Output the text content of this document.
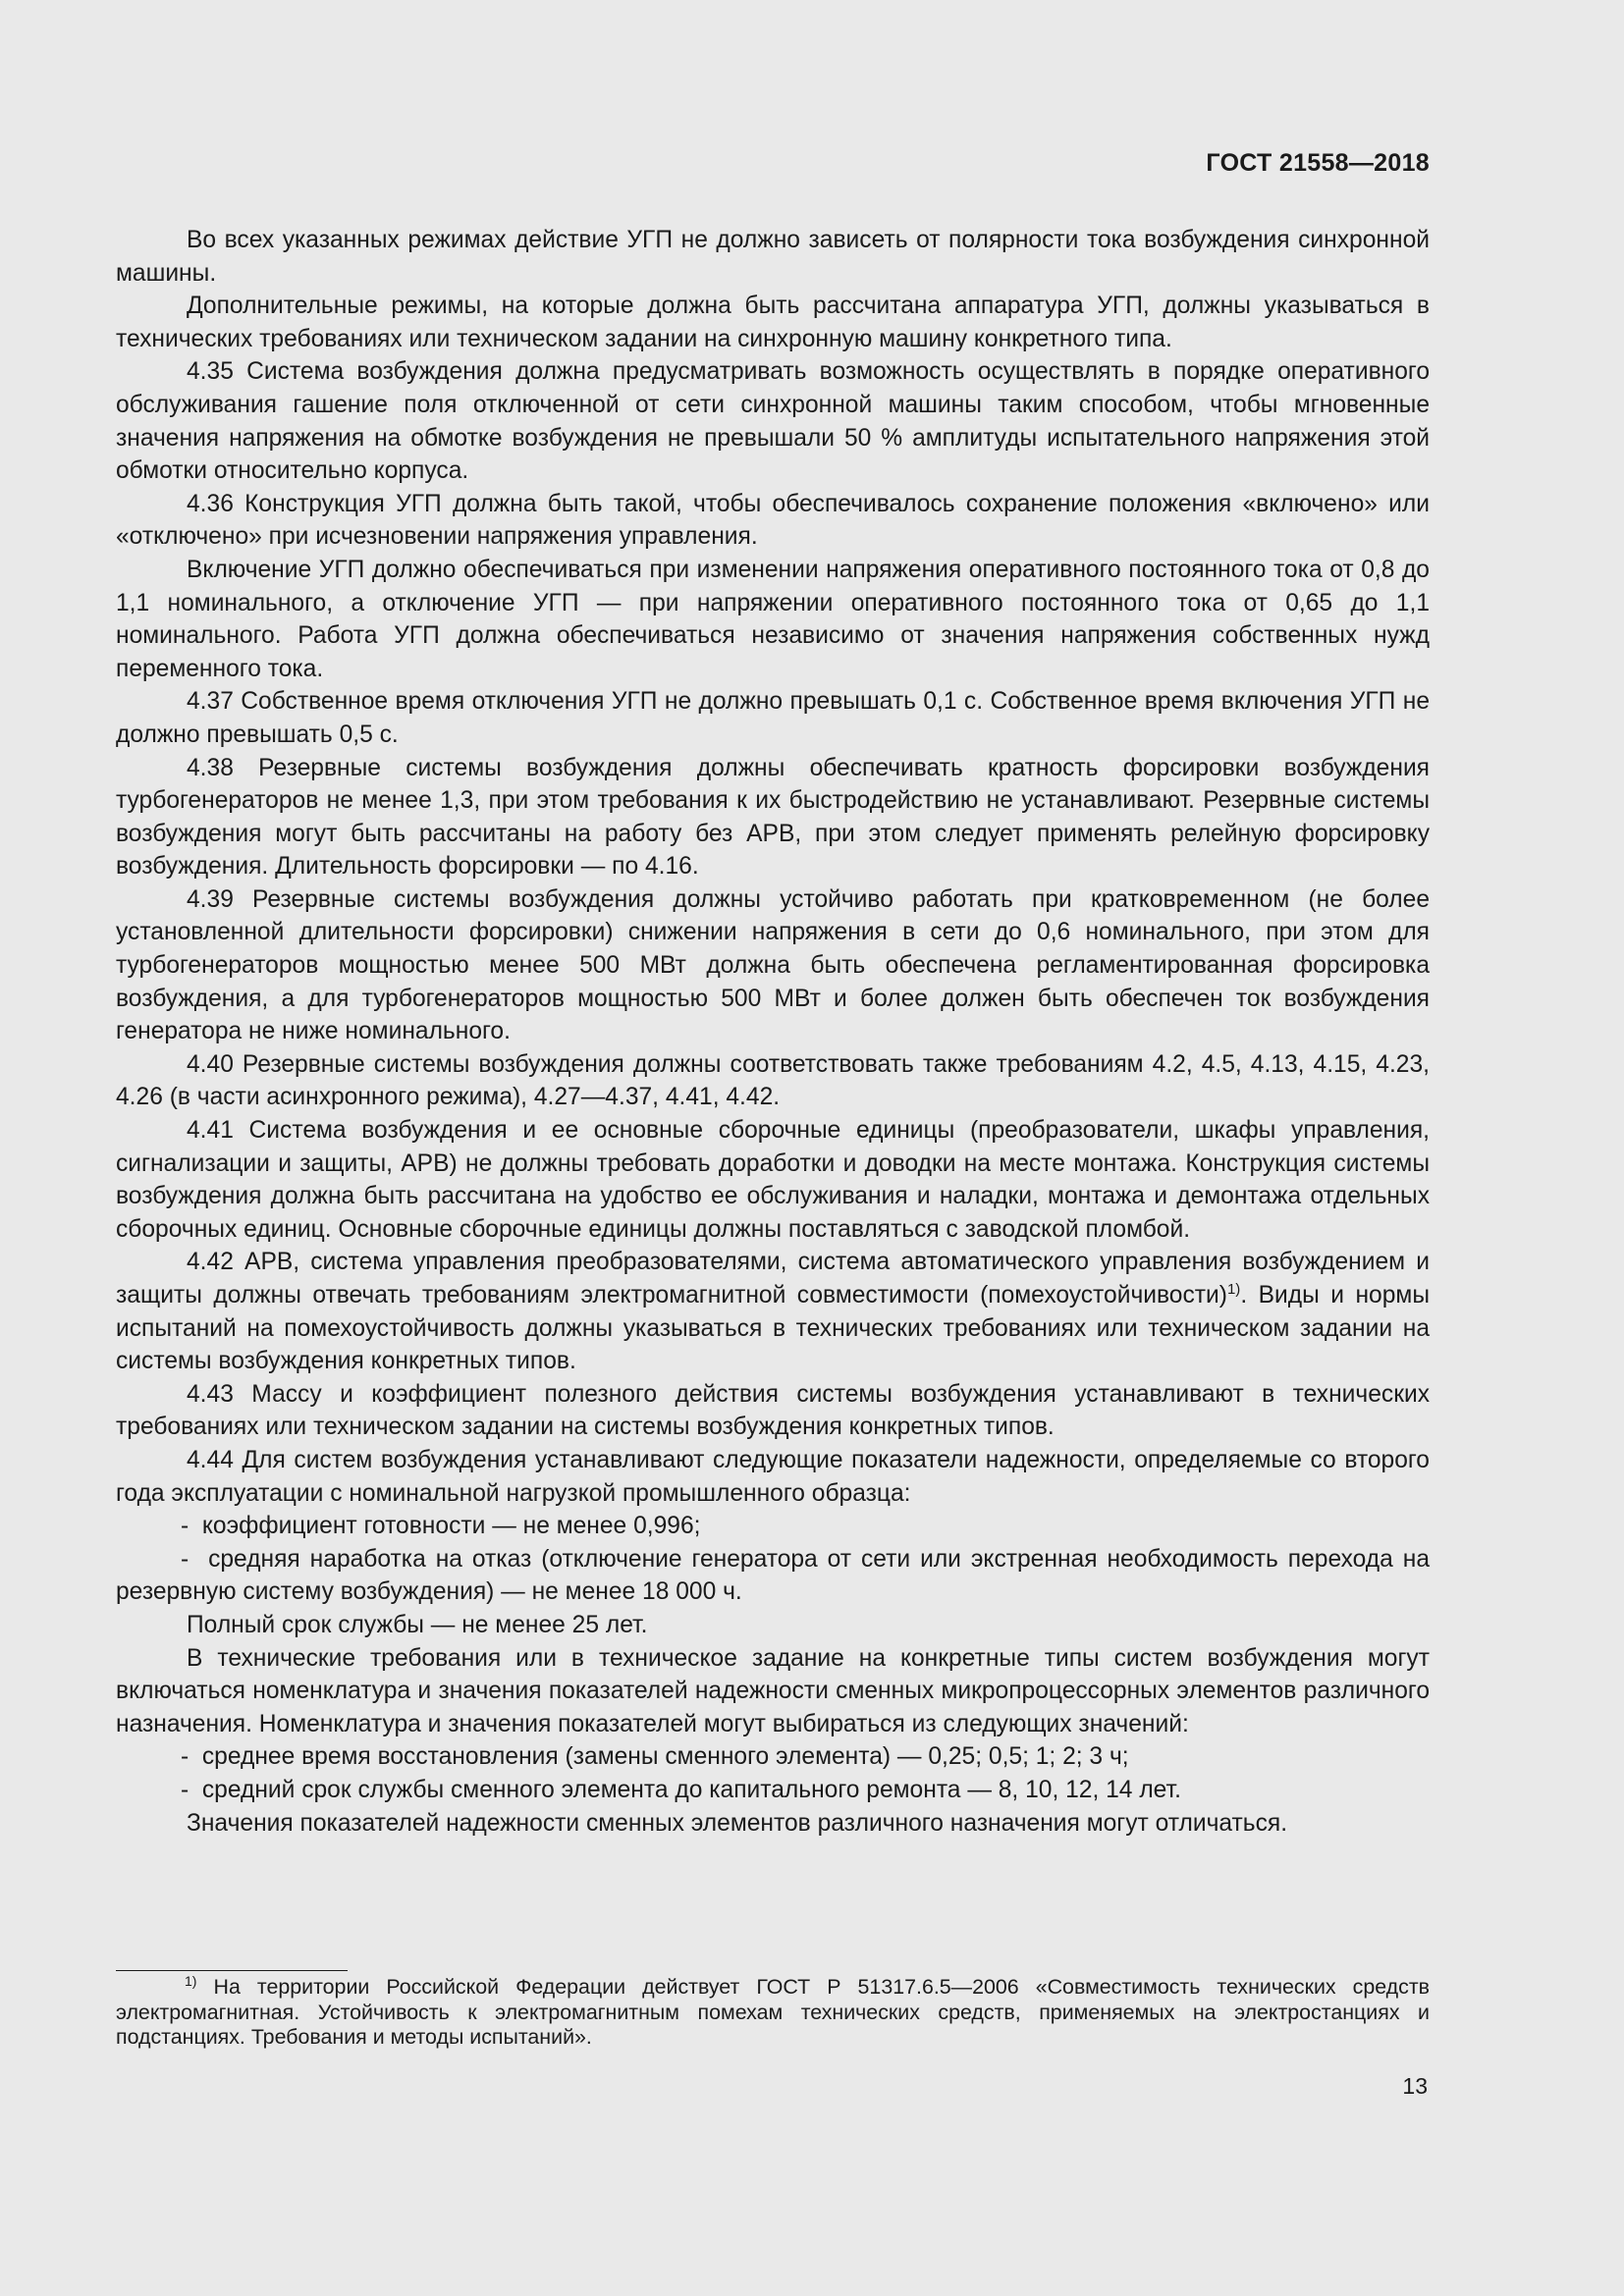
ГОСТ 21558—2018

Во всех указанных режимах действие УГП не должно зависеть от полярности тока возбуждения синхронной машины.

Дополнительные режимы, на которые должна быть рассчитана аппаратура УГП, должны указываться в технических требованиях или техническом задании на синхронную машину конкретного типа.

4.35 Система возбуждения должна предусматривать возможность осуществлять в порядке оперативного обслуживания гашение поля отключенной от сети синхронной машины таким способом, чтобы мгновенные значения напряжения на обмотке возбуждения не превышали 50 % амплитуды испытательного напряжения этой обмотки относительно корпуса.

4.36 Конструкция УГП должна быть такой, чтобы обеспечивалось сохранение положения «включено» или «отключено» при исчезновении напряжения управления.

Включение УГП должно обеспечиваться при изменении напряжения оперативного постоянного тока от 0,8 до 1,1 номинального, а отключение УГП — при напряжении оперативного постоянного тока от 0,65 до 1,1 номинального. Работа УГП должна обеспечиваться независимо от значения напряжения собственных нужд переменного тока.

4.37 Собственное время отключения УГП не должно превышать 0,1 с. Собственное время включения УГП не должно превышать 0,5 с.

4.38 Резервные системы возбуждения должны обеспечивать кратность форсировки возбуждения турбогенераторов не менее 1,3, при этом требования к их быстродействию не устанавливают. Резервные системы возбуждения могут быть рассчитаны на работу без АРВ, при этом следует применять релейную форсировку возбуждения. Длительность форсировки — по 4.16.

4.39 Резервные системы возбуждения должны устойчиво работать при кратковременном (не более установленной длительности форсировки) снижении напряжения в сети до 0,6 номинального, при этом для турбогенераторов мощностью менее 500 МВт должна быть обеспечена регламентированная форсировка возбуждения, а для турбогенераторов мощностью 500 МВт и более должен быть обеспечен ток возбуждения генератора не ниже номинального.

4.40 Резервные системы возбуждения должны соответствовать также требованиям 4.2, 4.5, 4.13, 4.15, 4.23, 4.26 (в части асинхронного режима), 4.27—4.37, 4.41, 4.42.

4.41 Система возбуждения и ее основные сборочные единицы (преобразователи, шкафы управления, сигнализации и защиты, АРВ) не должны требовать доработки и доводки на месте монтажа. Конструкция системы возбуждения должна быть рассчитана на удобство ее обслуживания и наладки, монтажа и демонтажа отдельных сборочных единиц. Основные сборочные единицы должны поставляться с заводской пломбой.

4.42 АРВ, система управления преобразователями, система автоматического управления возбуждением и защиты должны отвечать требованиям электромагнитной совместимости (помехоустойчивости)$^{1)}$. Виды и нормы испытаний на помехоустойчивость должны указываться в технических требованиях или техническом задании на системы возбуждения конкретных типов.

4.43 Массу и коэффициент полезного действия системы возбуждения устанавливают в технических требованиях или техническом задании на системы возбуждения конкретных типов.

4.44 Для систем возбуждения устанавливают следующие показатели надежности, определяемые со второго года эксплуатации с номинальной нагрузкой промышленного образца:

-  коэффициент готовности — не менее 0,996;

-  средняя наработка на отказ (отключение генератора от сети или экстренная необходимость перехода на резервную систему возбуждения) — не менее 18 000 ч.

Полный срок службы — не менее 25 лет.

В технические требования или в техническое задание на конкретные типы систем возбуждения могут включаться номенклатура и значения показателей надежности сменных микропроцессорных элементов различного назначения. Номенклатура и значения показателей могут выбираться из следующих значений:

-  среднее время восстановления (замены сменного элемента) — 0,25; 0,5; 1; 2; 3 ч;

-  средний срок службы сменного элемента до капитального ремонта — 8, 10, 12, 14 лет.

Значения показателей надежности сменных элементов различного назначения могут отличаться.

$^{1)}$ На территории Российской Федерации действует ГОСТ Р 51317.6.5—2006 «Совместимость технических средств электромагнитная. Устойчивость к электромагнитным помехам технических средств, применяемых на электростанциях и подстанциях. Требования и методы испытаний».

13
